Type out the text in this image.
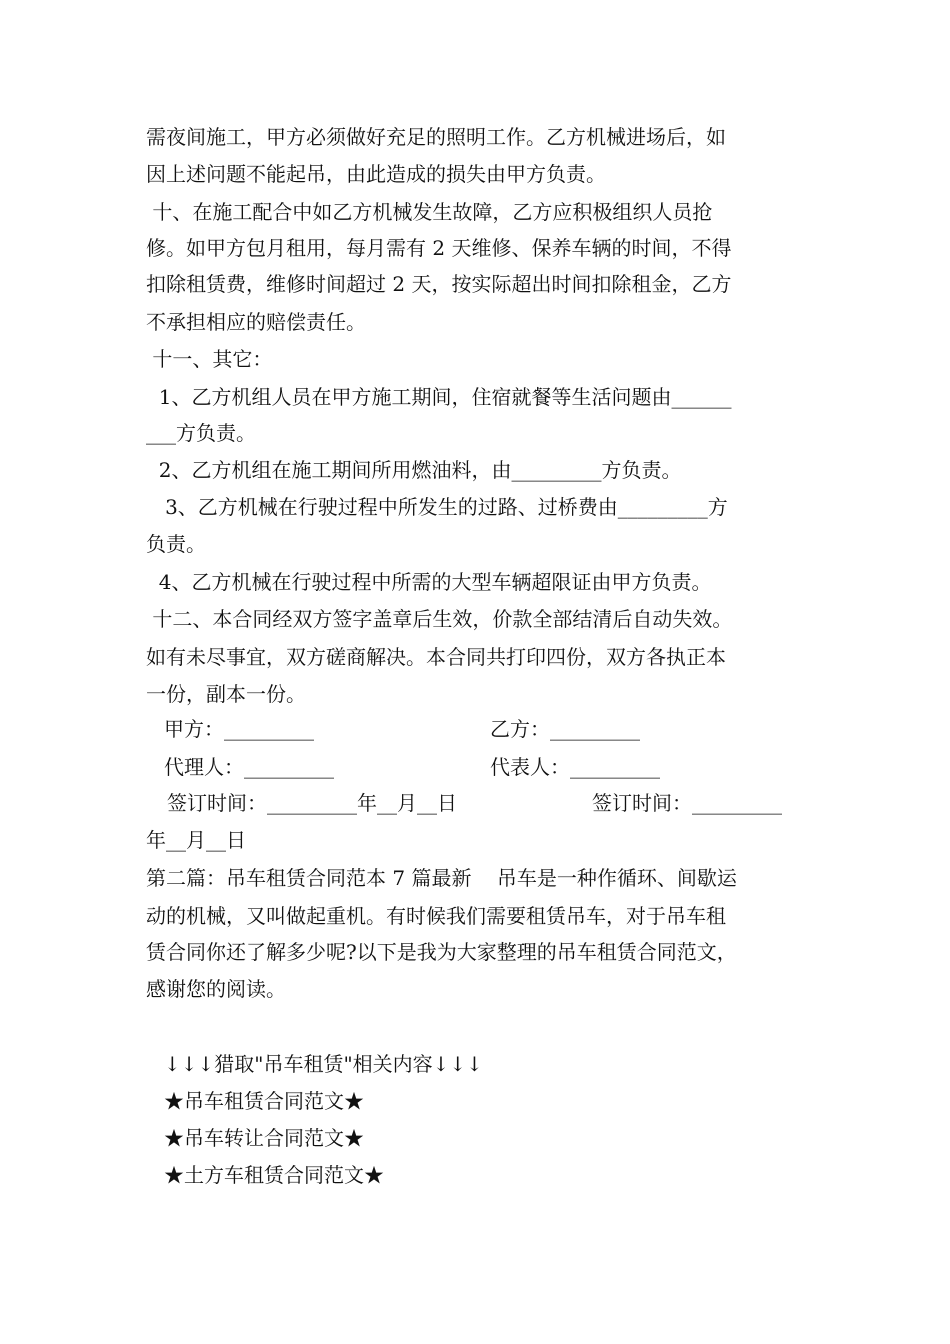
需夜间施工，甲方必须做好充足的照明工作。乙方机械进场后，如
因上述问题不能起吊，由此造成的损失由甲方负责。
十、在施工配合中如乙方机械发生故障，乙方应积极组织人员抢
修。如甲方包月租用，每月需有 2 天维修、保养车辆的时间，不得
扣除租赁费，维修时间超过 2 天，按实际超出时间扣除租金，乙方
不承担相应的赔偿责任。
十一、其它：
1、乙方机组人员在甲方施工期间，住宿就餐等生活问题由______
___方负责。
2、乙方机组在施工期间所用燃油料，由_________方负责。
3、乙方机械在行驶过程中所发生的过路、过桥费由_________方
负责。
4、乙方机械在行驶过程中所需的大型车辆超限证由甲方负责。
十二、本合同经双方签字盖章后生效，价款全部结清后自动失效。
如有未尽事宜，双方磋商解决。本合同共打印四份，双方各执正本
一份，副本一份。
甲方：_________	乙方：_________
代理人：_________	代表人：_________
签订时间：_________年__月__日	签订时间：_________
年__月__日
第二篇：吊车租赁合同范本 7 篇最新    吊车是一种作循环、间歇运
动的机械，又叫做起重机。有时候我们需要租赁吊车，对于吊车租
赁合同你还了解多少呢?以下是我为大家整理的吊车租赁合同范文，
感谢您的阅读。
↓↓↓猎取"吊车租赁"相关内容↓↓↓
★吊车租赁合同范文★
★吊车转让合同范文★
★土方车租赁合同范文★
